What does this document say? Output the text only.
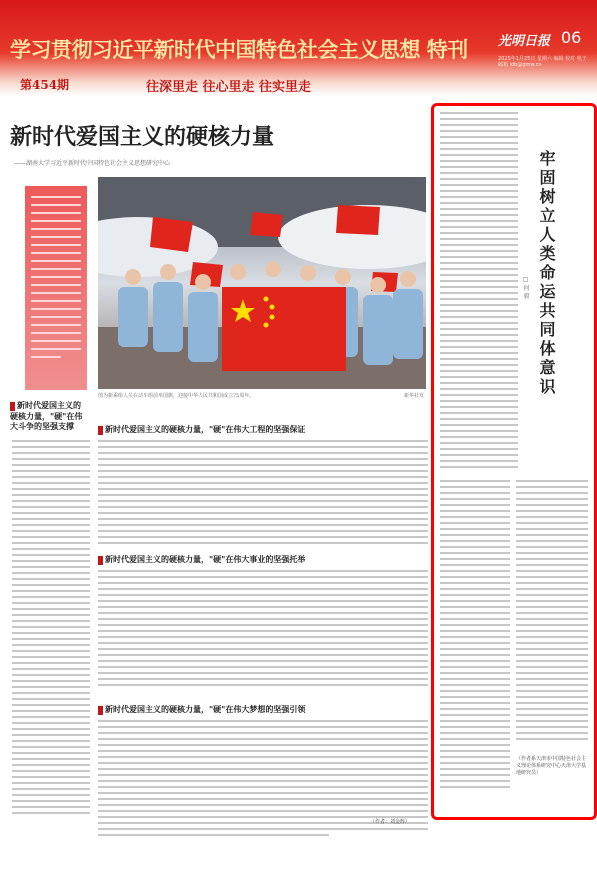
学习贯彻习近平新时代中国特色社会主义思想 特刊 光明日报 06
2025年1月25日 星期六 编辑 校对 电子邮箱 ldb@gmw.cn
第454期	往深里走 往心里走 往实里走
新时代爱国主义的硬核力量
——湖南大学习近平新时代中国特色社会主义思想研究中心
图为新乘组人员在动车组前举国旗，迎接中华人民共和国成立75周年。	新华社发
新时代爱国主义的硬核力量，"硬"在伟大斗争的坚强支撑	新时代爱国主义的硬核力量，"硬"在伟大工程的坚强保证
新时代爱国主义的硬核力量，"硬"在伟大事业的坚强托举
新时代爱国主义的硬核力量，"硬"在伟大梦想的坚强引领
（作者：刘金辉）
牢固树立人类命运共同体意识
□ 何 毅
（作者系天津市中国特色社会主义理论体系研究中心天津大学基地研究员）
